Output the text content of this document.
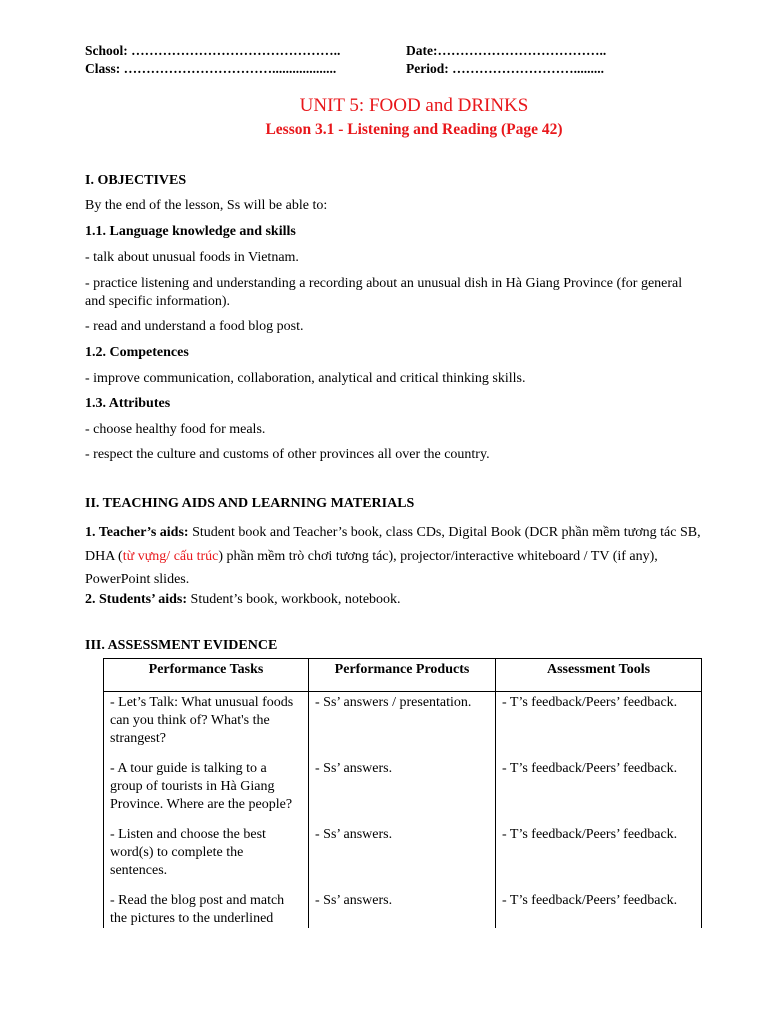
School: ………………………………………..	Date:………………………………..
Class: ……………………………...................	Period: ……………………….........
UNIT 5: FOOD and DRINKS
Lesson 3.1 - Listening and Reading (Page 42)
I. OBJECTIVES
By the end of the lesson, Ss will be able to:
1.1. Language knowledge and skills
- talk about unusual foods in Vietnam.
- practice listening and understanding a recording about an unusual dish in Hà Giang Province (for general and specific information).
- read and understand a food blog post.
1.2. Competences
- improve communication, collaboration, analytical and critical thinking skills.
1.3. Attributes
- choose healthy food for meals.
- respect the culture and customs of other provinces all over the country.
II. TEACHING AIDS AND LEARNING MATERIALS
1. Teacher’s aids: Student book and Teacher’s book, class CDs, Digital Book (DCR phần mềm tương tác SB, DHA (từ vựng/ cấu trúc) phần mềm trò chơi tương tác), projector/interactive whiteboard / TV (if any), PowerPoint slides.
2. Students’ aids: Student’s book, workbook, notebook.
III. ASSESSMENT EVIDENCE
Performance Tasks	Performance Products	Assessment Tools
- Let’s Talk: What unusual foods can you think of? What's the strangest?	- Ss’ answers / presentation.	- T’s feedback/Peers’ feedback.
- A tour guide is talking to a group of tourists in Hà Giang Province. Where are the people?	- Ss’ answers.	- T’s feedback/Peers’ feedback.
- Listen and choose the best word(s) to complete the sentences.	- Ss’ answers.	- T’s feedback/Peers’ feedback.
- Read the blog post and match the pictures to the underlined	- Ss’ answers.	- T’s feedback/Peers’ feedback.
